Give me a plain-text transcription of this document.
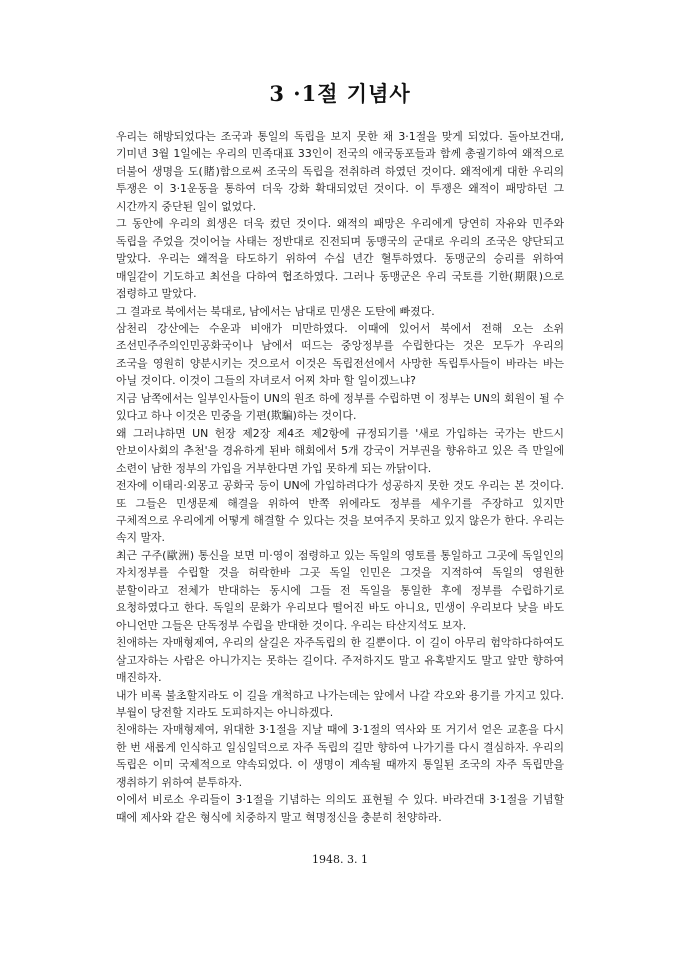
3 ·1절 기념사

우리는 해방되었다는 조국과 통일의 독립을 보지 못한 채 3·1절을 맞게 되었다. 돌아보건대, 기미년 3월 1일에는 우리의 민족대표 33인이 전국의 애국동포들과 함께 총궐기하여 왜적으로 더불어 생명을 도(賭)함으로써 조국의 독립을 전취하려 하였던 것이다. 왜적에게 대한 우리의 투쟁은 이 3·1운동을 통하여 더욱 강화 확대되었던 것이다. 이 투쟁은 왜적이 패망하던 그 시간까지 중단된 일이 없었다.

그 동안에 우리의 희생은 더욱 컸던 것이다. 왜적의 패망은 우리에게 당연히 자유와 민주와 독립을 주었을 것이어늘 사태는 정반대로 진전되며 동맹국의 군대로 우리의 조국은 양단되고 말았다. 우리는 왜적을 타도하기 위하여 수십 년간 혈투하였다. 동맹군의 승리를 위하여 매일같이 기도하고 최선을 다하여 협조하였다. 그러나 동맹군은 우리 국토를 기한(期限)으로 점령하고 말았다.

그 결과로 북에서는 북대로, 남에서는 남대로 민생은 도탄에 빠졌다.

삼천리 강산에는 수운과 비애가 미만하였다. 이때에 있어서 북에서 전해 오는 소위 조선민주주의인민공화국이나 남에서 떠드는 중앙정부를 수립한다는 것은 모두가 우리의 조국을 영원히 양분시키는 것으로서 이것은 독립전선에서 사망한 독립투사들이 바라는 바는 아닐 것이다. 이것이 그들의 자녀로서 어찌 차마 할 일이겠느냐?

지금 남쪽에서는 일부인사들이 UN의 원조 하에 정부를 수립하면 이 정부는 UN의 회원이 될 수 있다고 하나 이것은 민중을 기편(欺騙)하는 것이다.

왜 그러냐하면 UN 헌장 제2장 제4조 제2항에 규정되기를 '새로 가입하는 국가는 반드시 안보이사회의 추천'을 경유하게 된바 해회에서 5개 강국이 거부권을 향유하고 있은 즉 만일에 소련이 남한 정부의 가입을 거부한다면 가입 못하게 되는 까닭이다.

전자에 이태리·외몽고 공화국 등이 UN에 가입하려다가 성공하지 못한 것도 우리는 본 것이다. 또 그들은 민생문제 해결을 위하여 반쪽 위에라도 정부를 세우기를 주장하고 있지만 구체적으로 우리에게 어떻게 해결할 수 있다는 것을 보여주지 못하고 있지 않은가 한다. 우리는 속지 말자.

최근 구주(歐洲) 통신을 보면 미·영이 점령하고 있는 독일의 영토를 통일하고 그곳에 독일인의 자치정부를 수립할 것을 허락한바 그곳 독일 인민은 그것을 지적하여 독일의 영원한 분할이라고 전체가 반대하는 동시에 그들 전 독일을 통일한 후에 정부를 수립하기로 요청하였다고 한다. 독일의 문화가 우리보다 떨어진 바도 아니요, 민생이 우리보다 낮을 바도 아니언만 그들은 단독정부 수립을 반대한 것이다. 우리는 타산지석도 보자.

친애하는 자매형제여, 우리의 살길은 자주독립의 한 길뿐이다. 이 길이 아무리 험악하다하여도 살고자하는 사람은 아니가지는 못하는 길이다. 주저하지도 말고 유혹받지도 말고 앞만 향하여 매진하자.

내가 비록 불초할지라도 이 길을 개척하고 나가는데는 앞에서 나갈 각오와 용기를 가지고 있다. 부월이 당전할 지라도 도피하지는 아니하겠다.

친애하는 자매형제여, 위대한 3·1절을 지날 때에 3·1절의 역사와 또 거기서 얻은 교훈을 다시 한 번 새롭게 인식하고 일심일덕으로 자주 독립의 길만 향하여 나가기를 다시 결심하자. 우리의 독립은 이미 국제적으로 약속되었다. 이 생명이 계속될 때까지 통일된 조국의 자주 독립만을 쟁취하기 위하여 분투하자.

이에서 비로소 우리들이 3·1절을 기념하는 의의도 표현될 수 있다. 바라건대 3·1절을 기념할 때에 제사와 같은 형식에 치중하지 말고 혁명정신을 충분히 천양하라.

1948. 3. 1
